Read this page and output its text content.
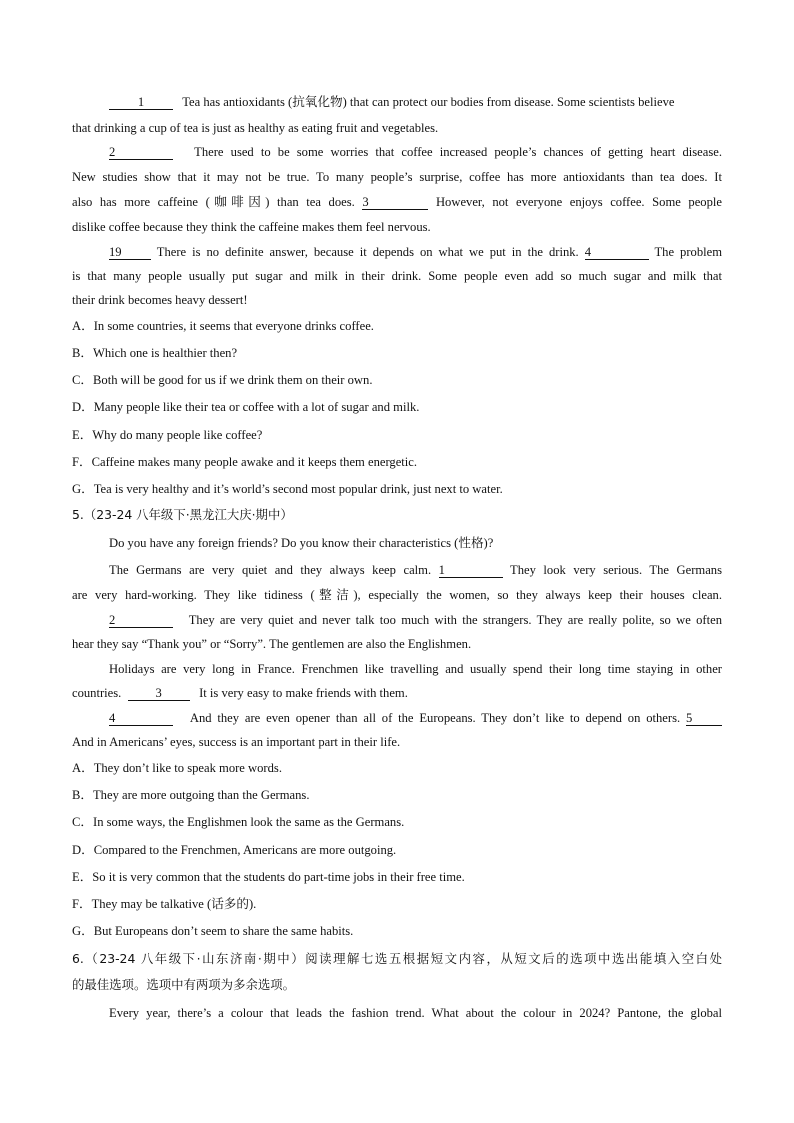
1	Tea has antioxidants (抗氧化物) that can protect our bodies from disease. Some scientists believe
that drinking a cup of tea is just as healthy as eating fruit and vegetables.
2	There used to be some worries that coffee increased people’s chances of getting heart disease.
New studies show that it may not be true. To many people’s surprise, coffee has more antioxidants than tea does. It
also has more caffeine (咖啡因) than tea does. 3	However, not everyone enjoys coffee. Some people
dislike coffee because they think the caffeine makes them feel nervous.
19	There is no definite answer, because it depends on what we put in the drink. 4	The problem
is that many people usually put sugar and milk in their drink. Some people even add so much sugar and milk that
their drink becomes heavy dessert!
A．In some countries, it seems that everyone drinks coffee.
B．Which one is healthier then?
C．Both will be good for us if we drink them on their own.
D．Many people like their tea or coffee with a lot of sugar and milk.
E．Why do many people like coffee?
F．Caffeine makes many people awake and it keeps them energetic.
G．Tea is very healthy and it’s world’s second most popular drink, just next to water.
5.（23-24 八年级下·黑龙江大庆·期中）
Do you have any foreign friends? Do you know their characteristics (性格)?
The Germans are very quiet and they always keep calm. 1	They look very serious. The Germans
are very hard-working. They like tidiness (整洁), especially the women, so they always keep their houses clean.
2	They are very quiet and never talk too much with the strangers. They are really polite, so we often
hear they say “Thank you” or “Sorry”. The gentlemen are also the Englishmen.
Holidays are very long in France. Frenchmen like travelling and usually spend their long time staying in other
countries.	3	It is very easy to make friends with them.
4	And they are even opener than all of the Europeans. They don’t like to depend on others. 5
And in Americans’ eyes, success is an important part in their life.
A．They don’t like to speak more words.
B．They are more outgoing than the Germans.
C．In some ways, the Englishmen look the same as the Germans.
D．Compared to the Frenchmen, Americans are more outgoing.
E．So it is very common that the students do part-time jobs in their free time.
F．They may be talkative (话多的).
G．But Europeans don’t seem to share the same habits.
6.（23-24 八年级下·山东济南·期中）阅读理解七选五根据短文内容，从短文后的选项中选出能填入空白处
的最佳选项。选项中有两项为多余选项。
Every year, there’s a colour that leads the fashion trend. What about the colour in 2024? Pantone, the global
